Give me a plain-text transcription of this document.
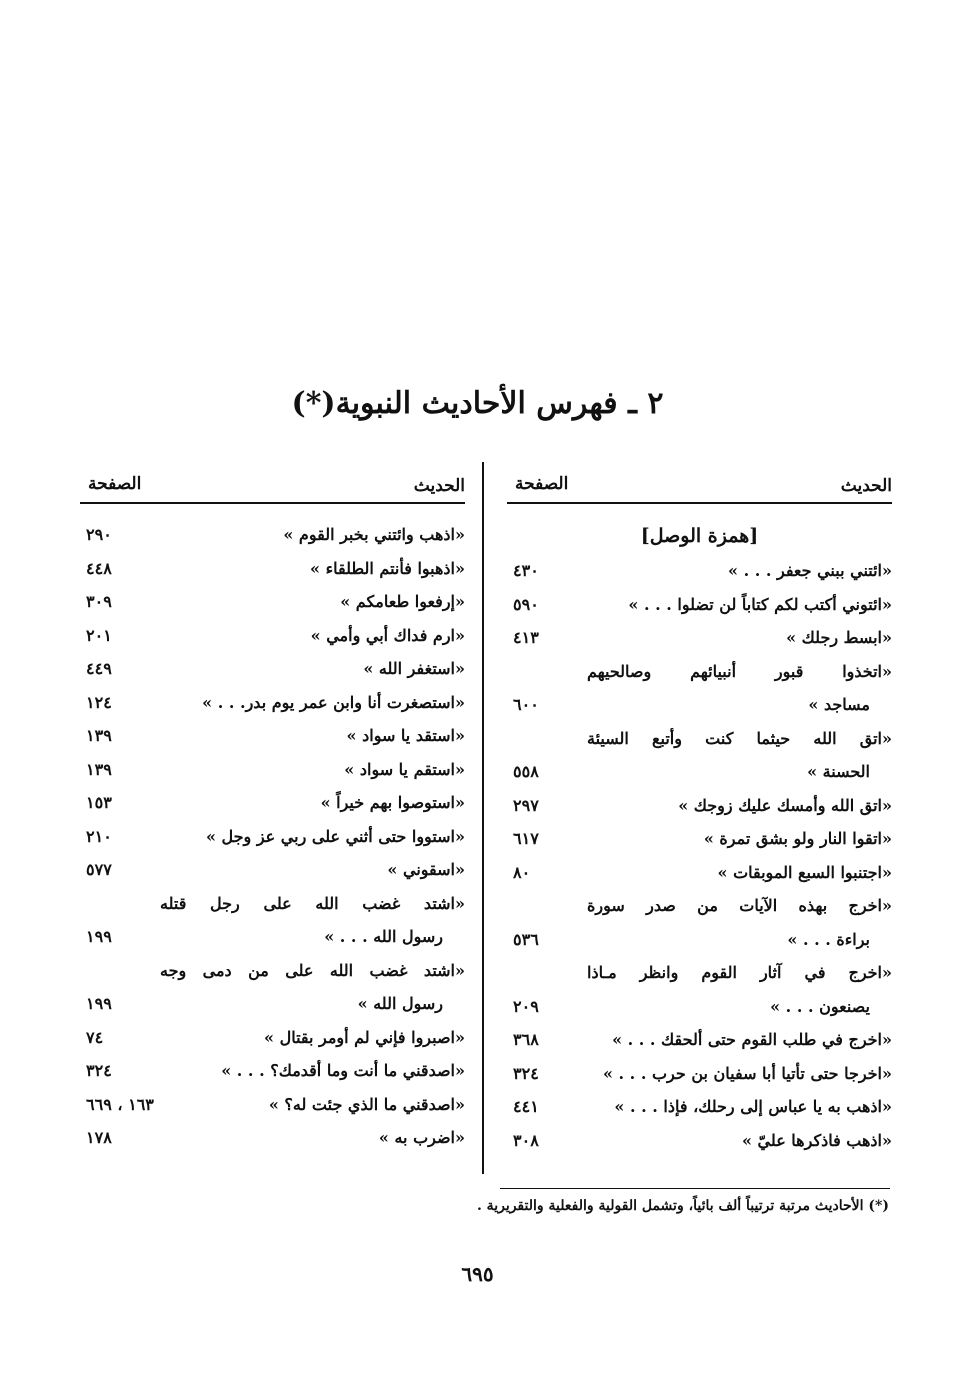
٢ ـ فهرس الأحاديث النبوية(*)
الحديث
الصفحة
[همزة الوصل]
«ائتني ببني جعفر . . . »
٤٣٠
«ائتوني أكتب لكم كتاباً لن تضلوا . . . »
٥٩٠
«ابسط رجلك »
٤١٣
«اتخذوا قبور أنبيائهم وصالحيهم
مساجد »
٦٠٠
«اتق الله حيثما كنت وأتبع السيئة
الحسنة »
٥٥٨
«اتق الله وأمسك عليك زوجك »
٢٩٧
«اتقوا النار ولو بشق تمرة »
٦١٧
«اجتنبوا السبع الموبقات »
٨٠
«اخرج بهذه الآيات من صدر سورة
براءة . . . »
٥٣٦
«اخرج في آثار القوم وانظر مـاذا
يصنعون . . . »
٢٠٩
«اخرج في طلب القوم حتى ألحقك . . . »
٣٦٨
«اخرجا حتى تأتيا أبا سفيان بن حرب . . . »
٣٢٤
«اذهب به يا عباس إلى رحلك، فإذا . . . »
٤٤١
«اذهب فاذكرها عليّ »
٣٠٨
الحديث
الصفحة
«اذهب وائتني بخبر القوم »
٢٩٠
«اذهبوا فأنتم الطلقاء »
٤٤٨
«إرفعوا طعامكم »
٣٠٩
«ارم فداك أبي وأمي »
٢٠١
«استغفر الله »
٤٤٩
«استصغرت أنا وابن عمر يوم بدر. . . »
١٢٤
«استقد يا سواد »
١٣٩
«استقم يا سواد »
١٣٩
«استوصوا بهم خيراً »
١٥٣
«استووا حتى أثني على ربي عز وجل »
٢١٠
«اسقوني »
٥٧٧
«اشتد غضب الله على رجل قتله
رسول الله . . . »
١٩٩
«اشتد غضب الله على من دمى وجه
رسول الله »
١٩٩
«اصبروا فإني لم أومر بقتال »
٧٤
«اصدقني ما أنت وما أقدمك؟ . . . »
٣٢٤
«اصدقني ما الذي جئت له؟ »
١٦٣ ، ٦٦٩
«اضرب به »
١٧٨
(*) الأحاديث مرتبة ترتيباً ألف بائياً، وتشمل القولية والفعلية والتقريرية .
٦٩٥
